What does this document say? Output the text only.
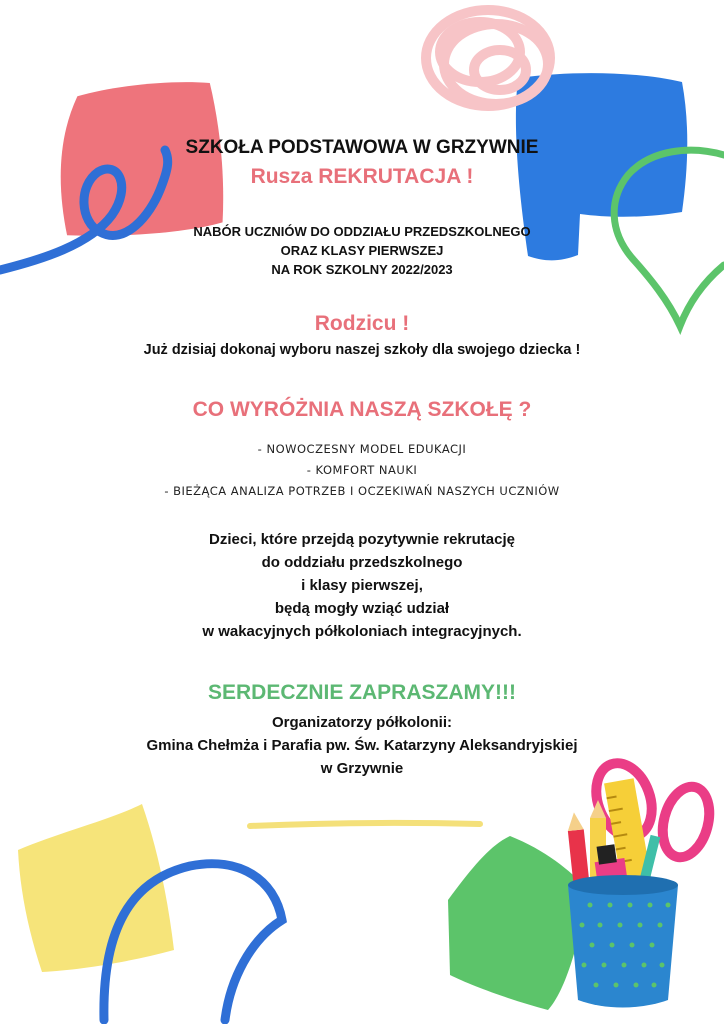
SZKOŁA PODSTAWOWA W GRZYWNIE
Rusza REKRUTACJA !
NABÓR UCZNIÓW DO ODDZIAŁU PRZEDSZKOLNEGO
ORAZ KLASY PIERWSZEJ
NA ROK SZKOLNY 2022/2023
Rodzicu !
Już dzisiaj dokonaj wyboru naszej szkoły dla swojego dziecka !
CO WYRÓŻNIA NASZĄ SZKOŁĘ ?
- NOWOCZESNY MODEL EDUKACJI
- KOMFORT NAUKI
- BIEŻĄCA ANALIZA POTRZEB I OCZEKIWAŃ NASZYCH UCZNIÓW
Dzieci, które przejdą pozytywnie rekrutację
do oddziału przedszkolnego
i klasy pierwszej,
będą mogły wziąć udział
w wakacyjnych półkoloniach integracyjnych.
SERDECZNIE ZAPRASZAMY!!!
Organizatorzy półkolonii:
Gmina Chełmża i Parafia pw. Św. Katarzyny Aleksandryjskiej
w Grzywnie
